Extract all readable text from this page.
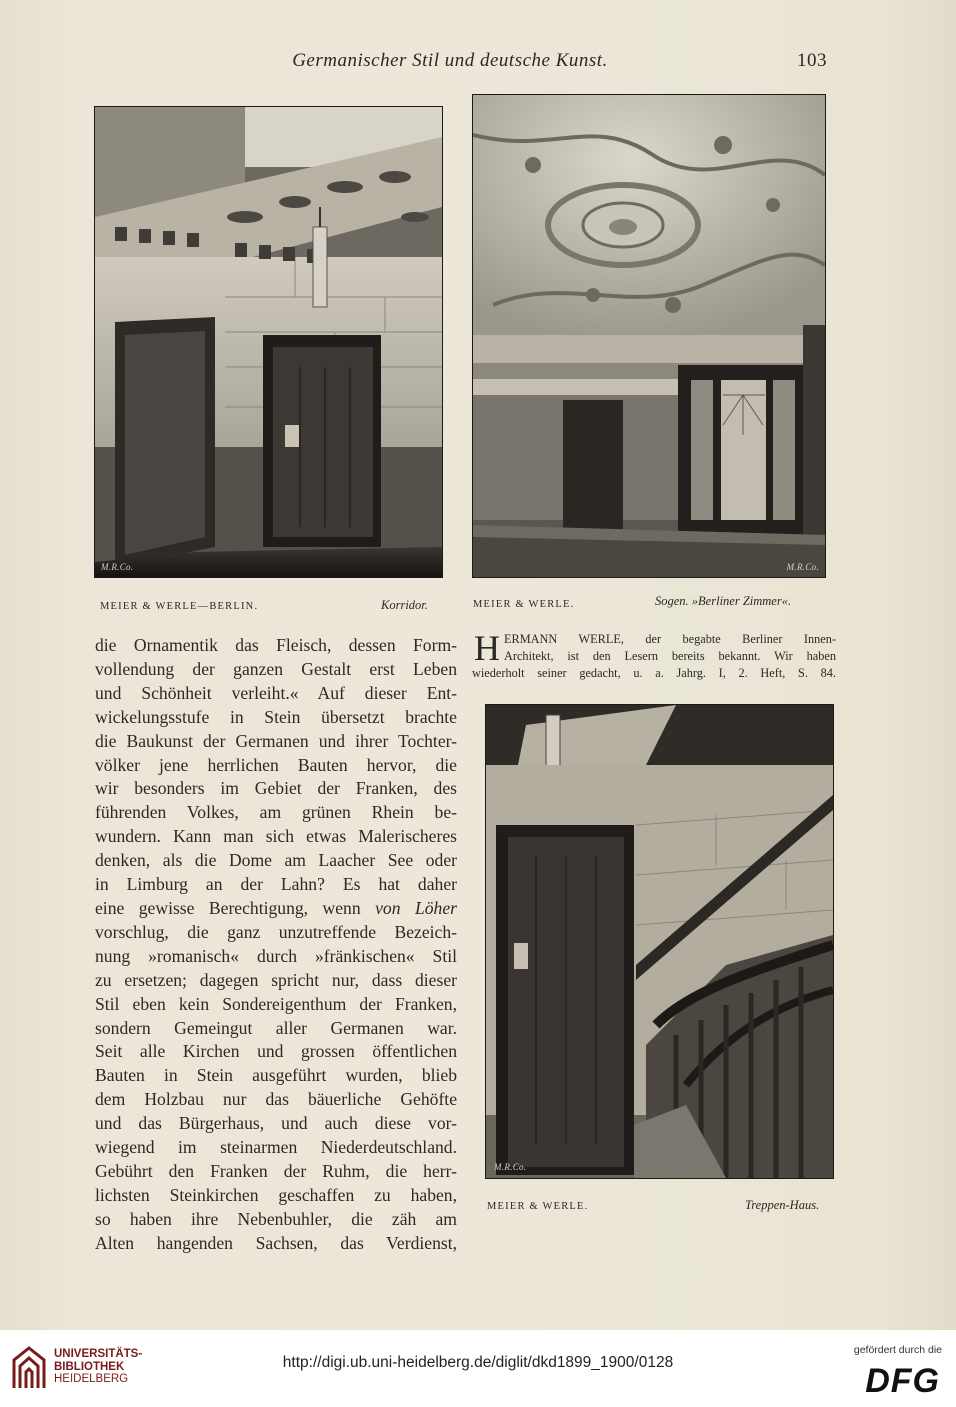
Germanischer Stil und deutsche Kunst.	103
M.R.Co.
MEIER & WERLE—BERLIN.	Korridor.
M.R.Co.
MEIER & WERLE.	Sogen. »Berliner Zimmer«.
H ERMANN WERLE, der begabte Berliner Innen-
Architekt, ist den Lesern bereits bekannt. Wir haben
wiederholt seiner gedacht, u. a. Jahrg. I, 2. Heft, S. 84.
M.R.Co.
MEIER & WERLE.	Treppen-Haus.
die Ornamentik das Fleisch, dessen Form-
vollendung der ganzen Gestalt erst Leben
und Schönheit verleiht.« Auf dieser Ent-
wickelungsstufe in Stein übersetzt brachte
die Baukunst der Germanen und ihrer Tochter-
völker jene herrlichen Bauten hervor, die
wir besonders im Gebiet der Franken, des
führenden Volkes, am grünen Rhein be-
wundern. Kann man sich etwas Malerischeres
denken, als die Dome am Laacher See oder
in Limburg an der Lahn? Es hat daher
eine gewisse Berechtigung, wenn von Löher
vorschlug, die ganz unzutreffende Bezeich-
nung »romanisch« durch »fränkischen« Stil
zu ersetzen; dagegen spricht nur, dass dieser
Stil eben kein Sondereigenthum der Franken,
sondern Gemeingut aller Germanen war.
Seit alle Kirchen und grossen öffentlichen
Bauten in Stein ausgeführt wurden, blieb
dem Holzbau nur das bäuerliche Gehöfte
und das Bürgerhaus, und auch diese vor-
wiegend im steinarmen Niederdeutschland.
Gebührt den Franken der Ruhm, die herr-
lichsten Steinkirchen geschaffen zu haben,
so haben ihre Nebenbuhler, die zäh am
Alten hangenden Sachsen, das Verdienst,
UNIVERSITÄTS-
BIBLIOTHEK
HEIDELBERG
http://digi.ub.uni-heidelberg.de/diglit/dkd1899_1900/0128
gefördert durch die
DFG
